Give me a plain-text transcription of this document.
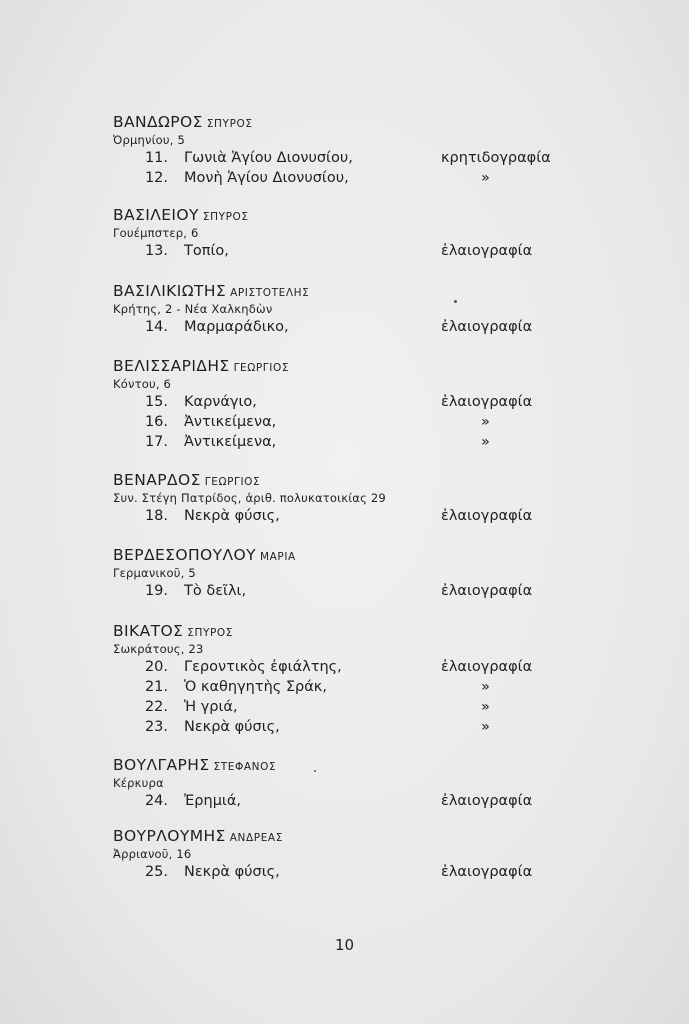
ΒΑΝΔΩΡΟΣ ΣΠΥΡΟΣ
Ὀρμηνίου, 5
11. Γωνιὰ Ἁγίου Διονυσίου,	κρητιδογραφία
12. Μονὴ Ἁγίου Διονυσίου,	»
ΒΑΣΙΛΕΙΟΥ ΣΠΥΡΟΣ
Γουέμπστερ, 6
13. Τοπίο,	ἐλαιογραφία
ΒΑΣΙΛΙΚΙΩΤΗΣ ΑΡΙΣΤΟΤΕΛΗΣ
Κρήτης, 2 - Νέα Χαλκηδὼν
14. Μαρμαράδικο,	ἐλαιογραφία
ΒΕΛΙΣΣΑΡΙΔΗΣ ΓΕΩΡΓΙΟΣ
Κόντου, 6
15. Καρνάγιο,	ἐλαιογραφία
16. Ἀντικείμενα,	»
17. Ἀντικείμενα,	»
ΒΕΝΑΡΔΟΣ ΓΕΩΡΓΙΟΣ
Συν. Στέγη Πατρίδος, ἀριθ. πολυκατοικίας 29
18. Νεκρὰ φύσις,	ἐλαιογραφία
ΒΕΡΔΕΣΟΠΟΥΛΟΥ ΜΑΡΙΑ
Γερμανικοῦ, 5
19. Τὸ δεῖλι,	ἐλαιογραφία
ΒΙΚΑΤΟΣ ΣΠΥΡΟΣ
Σωκράτους, 23
20. Γεροντικὸς ἐφιάλτης,	ἐλαιογραφία
21. Ὁ καθηγητὴς Σράκ,	»
22. Ἡ γριά,	»
23. Νεκρὰ φύσις,	»
ΒΟΥΛΓΑΡΗΣ ΣΤΕΦΑΝΟΣ
Κέρκυρα
24. Ἐρημιά,	ἐλαιογραφία
ΒΟΥΡΛΟΥΜΗΣ ΑΝΔΡΕΑΣ
Ἀρριανοῦ, 16
25. Νεκρὰ φύσις,	ἐλαιογραφία
10
